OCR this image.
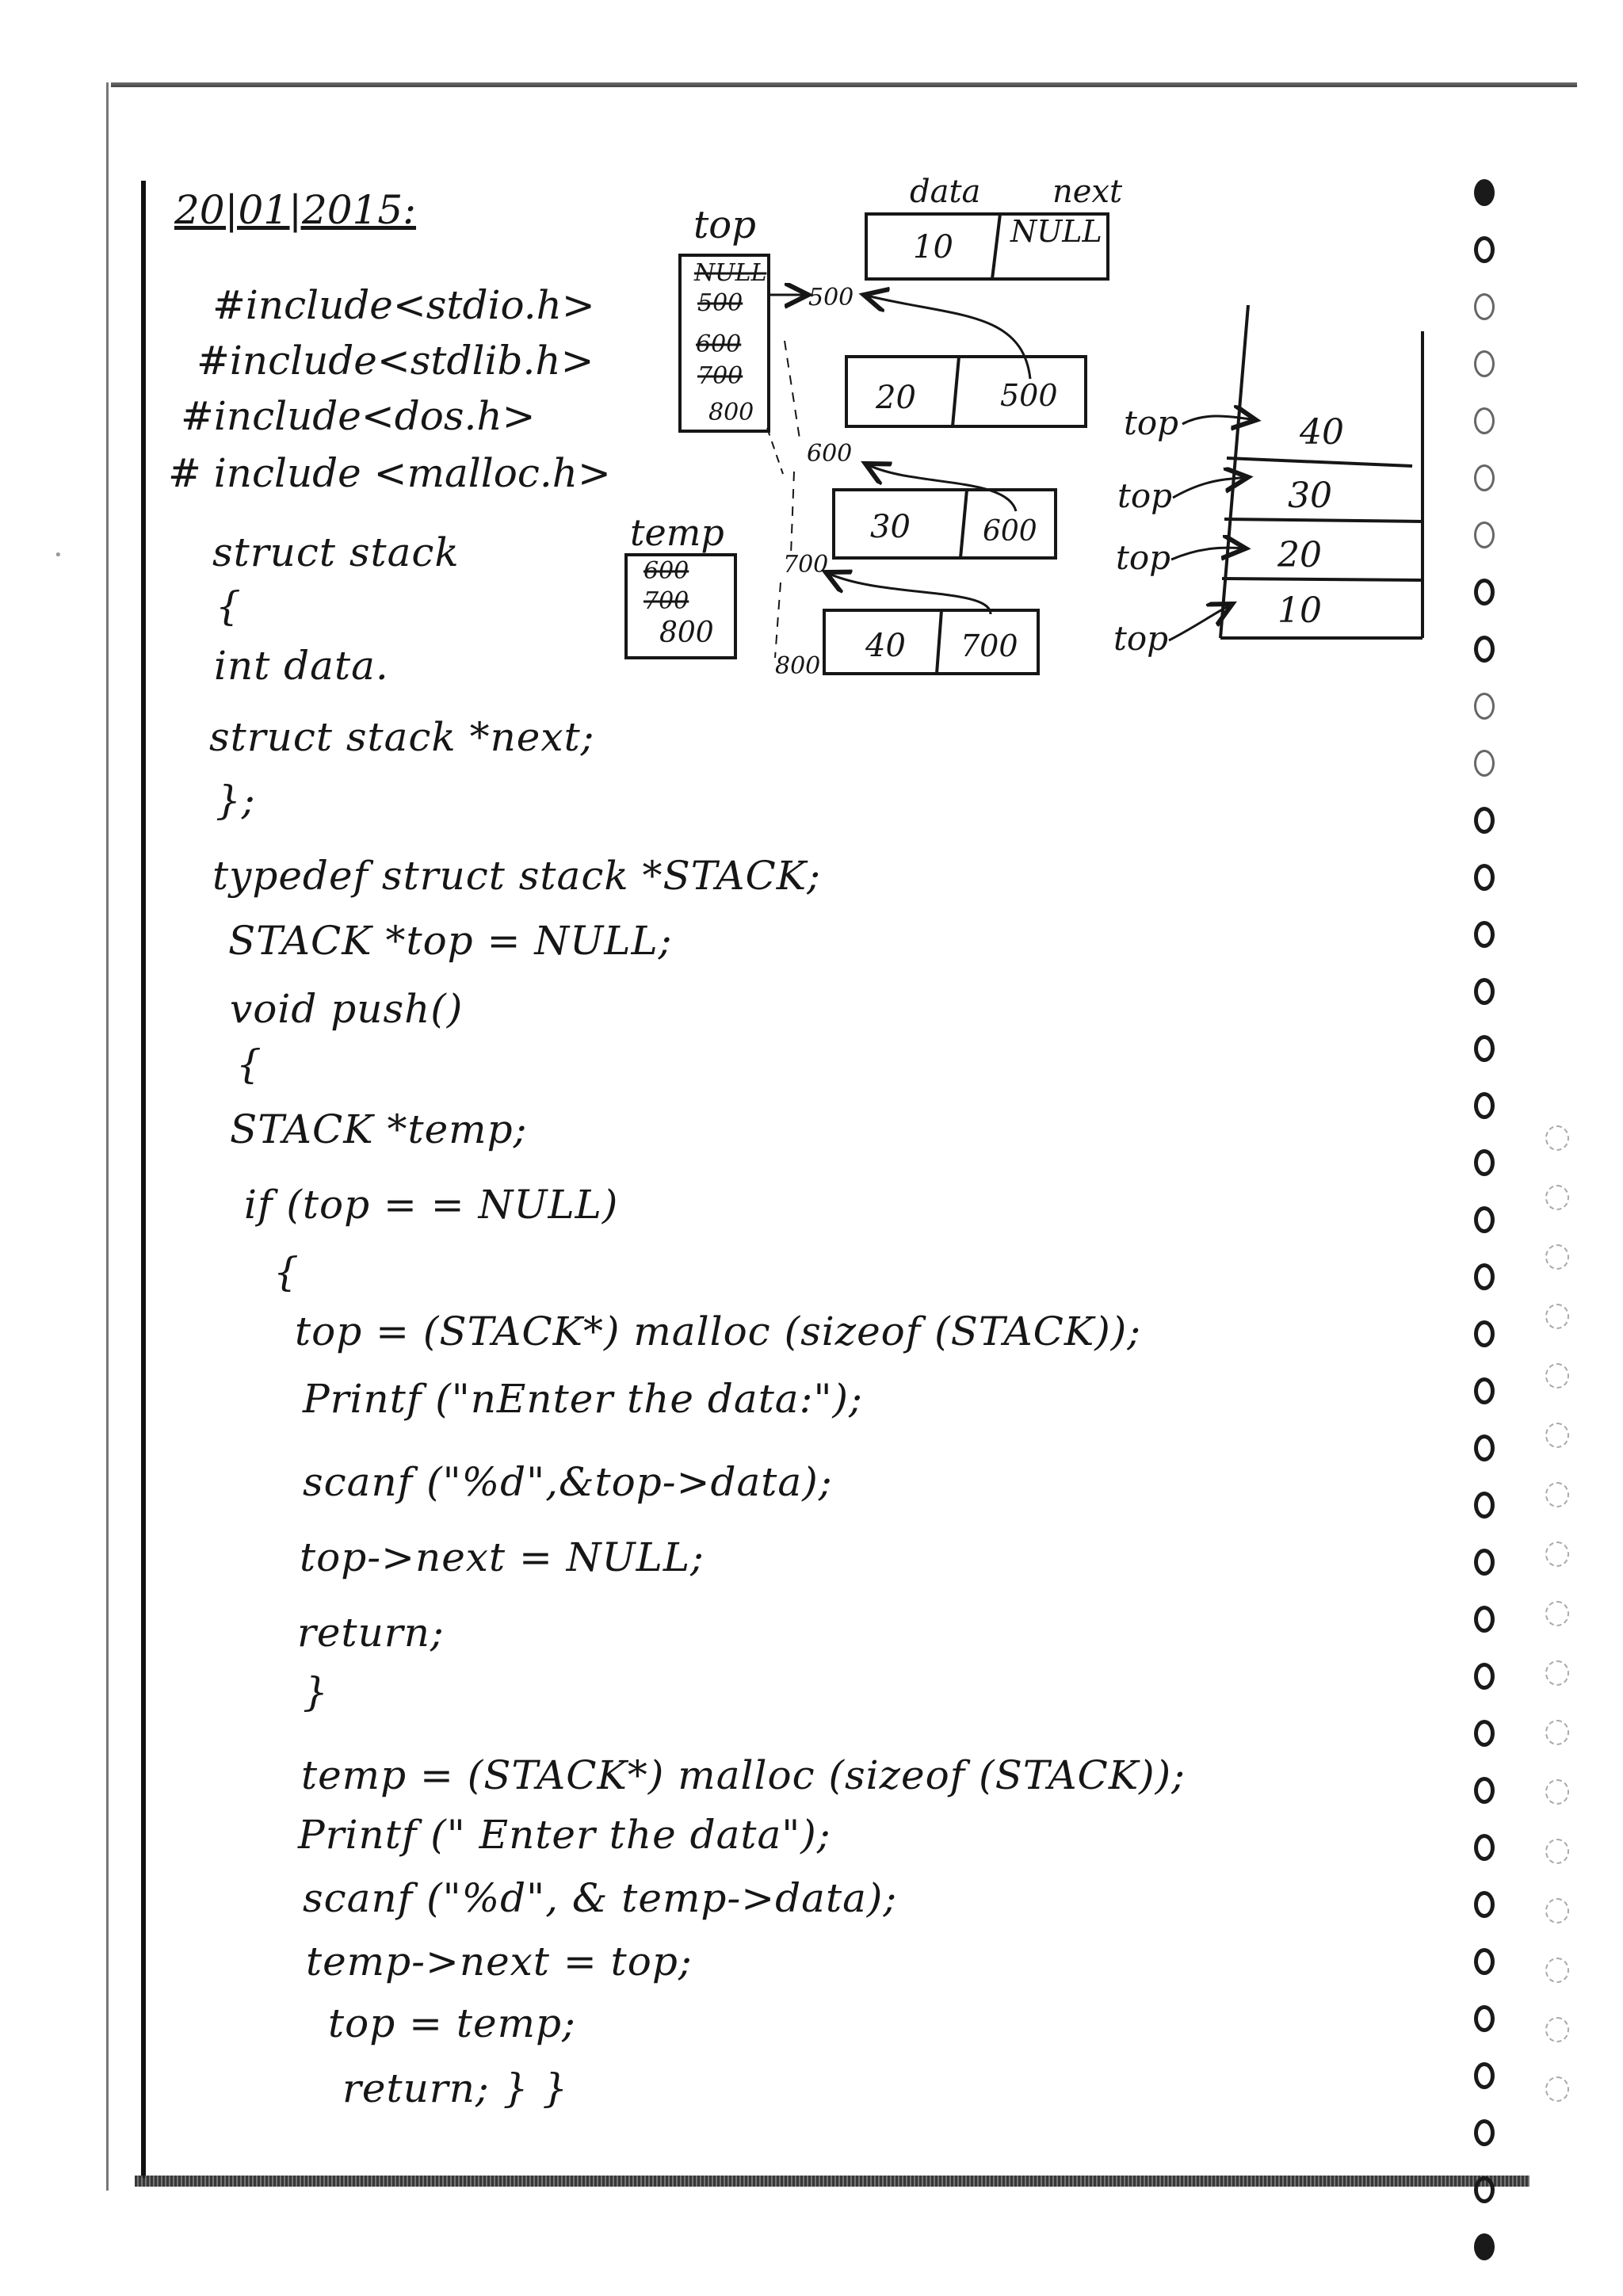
•
20|01|2015:
#include<stdio.h>
#include<stdlib.h>
#include<dos.h>
# include <malloc.h>
struct stack
{
int data.
struct stack *next;
};
typedef struct stack *STACK;
STACK *top = NULL;
void push()
{
STACK *temp;
if (top = = NULL)
{
top = (STACK*) malloc (sizeof (STACK));
Printf ("nEnter the data:");
scanf ("%d",&top->data);
top->next = NULL;
return;
}
temp = (STACK*) malloc (sizeof (STACK));
Printf (" Enter the data");
scanf ("%d", & temp->data);
temp->next = top;
top = temp;
return; } }
data next
top
NULL
500
600
700
800
temp
600
700
800
500
10 NULL
600
20	500
700
30	600
800
40 700
40
30
20
10
top
top
top
top
